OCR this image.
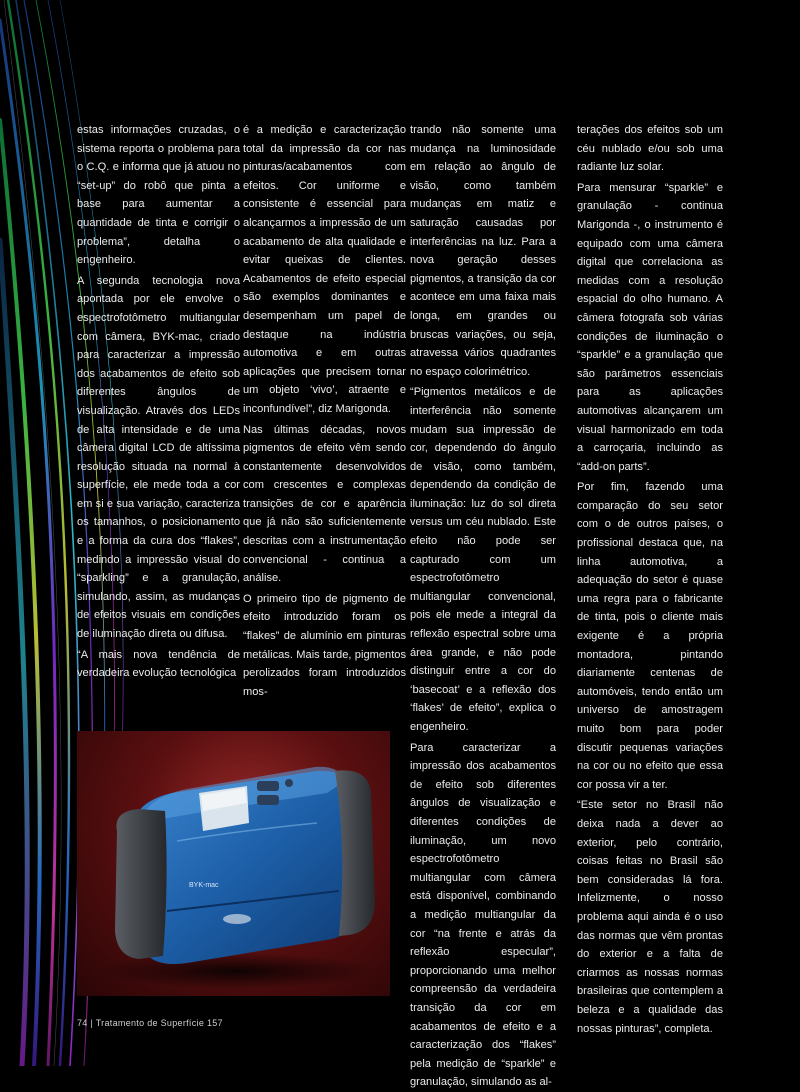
estas informações cruzadas, o sistema reporta o problema para o C.Q. e informa que já atuou no “set-up” do robô que pinta a base para aumentar a quantidade de tinta e corrigir o problema”, detalha o engenheiro.

A segunda tecnologia nova apontada por ele envolve o espectrofotômetro multiangular com câmera, BYK-mac, criado para caracterizar a impressão dos acabamentos de efeito sob diferentes ângulos de visualização. Através dos LEDs de alta intensidade e de uma câmera digital LCD de altíssima resolução situada na normal à superfície, ele mede toda a cor em si e sua variação, caracteriza os tamanhos, o posicionamento e a forma da cura dos “flakes”, medindo a impressão visual do “sparkling” e a granulação, simulando, assim, as mudanças de efeitos visuais em condições de iluminação direta ou difusa.

“A mais nova tendência de verdadeira evolução tecnológica

é a medição e caracterização total da impressão da cor nas pinturas/acabamentos com efeitos. Cor uniforme e consistente é essencial para alcançarmos a impressão de um acabamento de alta qualidade e evitar queixas de clientes. Acabamentos de efeito especial são exemplos dominantes e desempenham um papel de destaque na indústria automotiva e em outras aplicações que precisem tornar um objeto ‘vivo’, atraente e inconfundível”, diz Marigonda.

Nas últimas décadas, novos pigmentos de efeito vêm sendo constantemente desenvolvidos com crescentes e complexas transições de cor e aparência que já não são suficientemente descritas com a instrumentação convencional - continua a análise.

O primeiro tipo de pigmento de efeito introduzido foram os “flakes” de alumínio em pinturas metálicas. Mais tarde, pigmentos perolizados foram introduzidos mos-

trando não somente uma mudança na luminosidade em relação ao ângulo de visão, como também mudanças em matiz e saturação causadas por interferências na luz. Para a nova geração desses pigmentos, a transição da cor acontece em uma faixa mais longa, em grandes ou bruscas variações, ou seja, atravessa vários quadrantes no espaço colorimétrico.

“Pigmentos metálicos e de interferência não somente mudam sua impressão de cor, dependendo do ângulo de visão, como também, dependendo da condição de iluminação: luz do sol direta versus um céu nublado. Este efeito não pode ser capturado com um espectrofotômetro multiangular convencional, pois ele mede a integral da reflexão espectral sobre uma área grande, e não pode distinguir entre a cor do ‘basecoat’ e a reflexão dos ‘flakes’ de efeito”, explica o engenheiro.

Para caracterizar a impressão dos acabamentos de efeito sob diferentes ângulos de visualização e diferentes condições de iluminação, um novo espectrofotômetro multiangular com câmera está disponível, combinando a medição multiangular da cor “na frente e atrás da reflexão especular”, proporcionando uma melhor compreensão da verdadeira transição da cor em acabamentos de efeito e a caracterização dos “flakes” pela medição de “sparkle” e granulação, simulando as al-

terações dos efeitos sob um céu nublado e/ou sob uma radiante luz solar.

Para mensurar “sparkle” e granulação - continua Marigonda -, o instrumento é equipado com uma câmera digital que correlaciona as medidas com a resolução espacial do olho humano. A câmera fotografa sob várias condições de iluminação o “sparkle” e a granulação que são parâmetros essenciais para as aplicações automotivas alcançarem um visual harmonizado em toda a carroçaria, incluindo as “add-on parts”.

Por fim, fazendo uma comparação do seu setor com o de outros países, o profissional destaca que, na linha automotiva, a adequação do setor é quase uma regra para o fabricante de tinta, pois o cliente mais exigente é a própria montadora, pintando diariamente centenas de automóveis, tendo então um universo de amostragem muito bom para poder discutir pequenas variações na cor ou no efeito que essa cor possa vir a ter.

“Este setor no Brasil não deixa nada a dever ao exterior, pelo contrário, coisas feitas no Brasil são bem consideradas lá fora. Infelizmente, o nosso problema aqui ainda é o uso das normas que vêm prontas do exterior e a falta de criarmos as nossas normas brasileiras que contemplem a beleza e a qualidade das nossas pinturas”, completa.

BYK-mac
74 | Tratamento de Superfície 157
